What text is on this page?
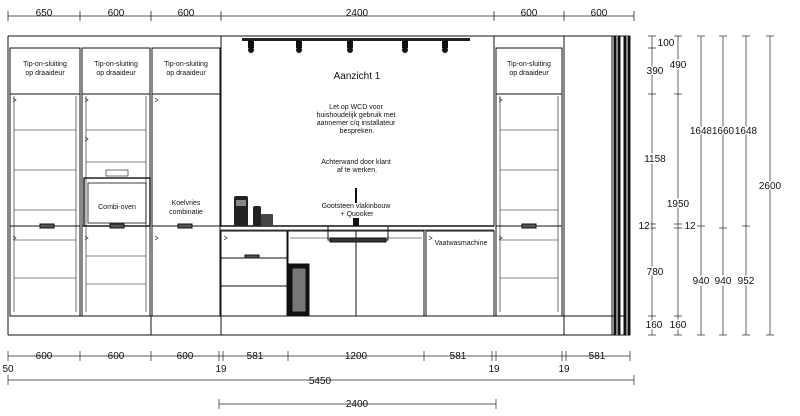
650	600	600	2400	600	600
Tip-on-sluiting op draaideur
Tip-on-sluiting op draaideur
Tip-on-sluiting op draaideur
Tip-on-sluiting op draaideur
Combi-oven
Koelvries combinatie
Aanzicht 1
Let op WCD voor huishoudelijk gebruik met aannemer c/q installateur bespreken.
Achterwand door klant af te werken.
Gootsteen vlakinbouw + Quooker
Vaatwasmachine
100
390
1158
12
780
160
490
12
160
1950
1648
940
1660
940
1648
952
2600
600	600	600	581	1200	581	581
50	19	19	19
5450
2400
